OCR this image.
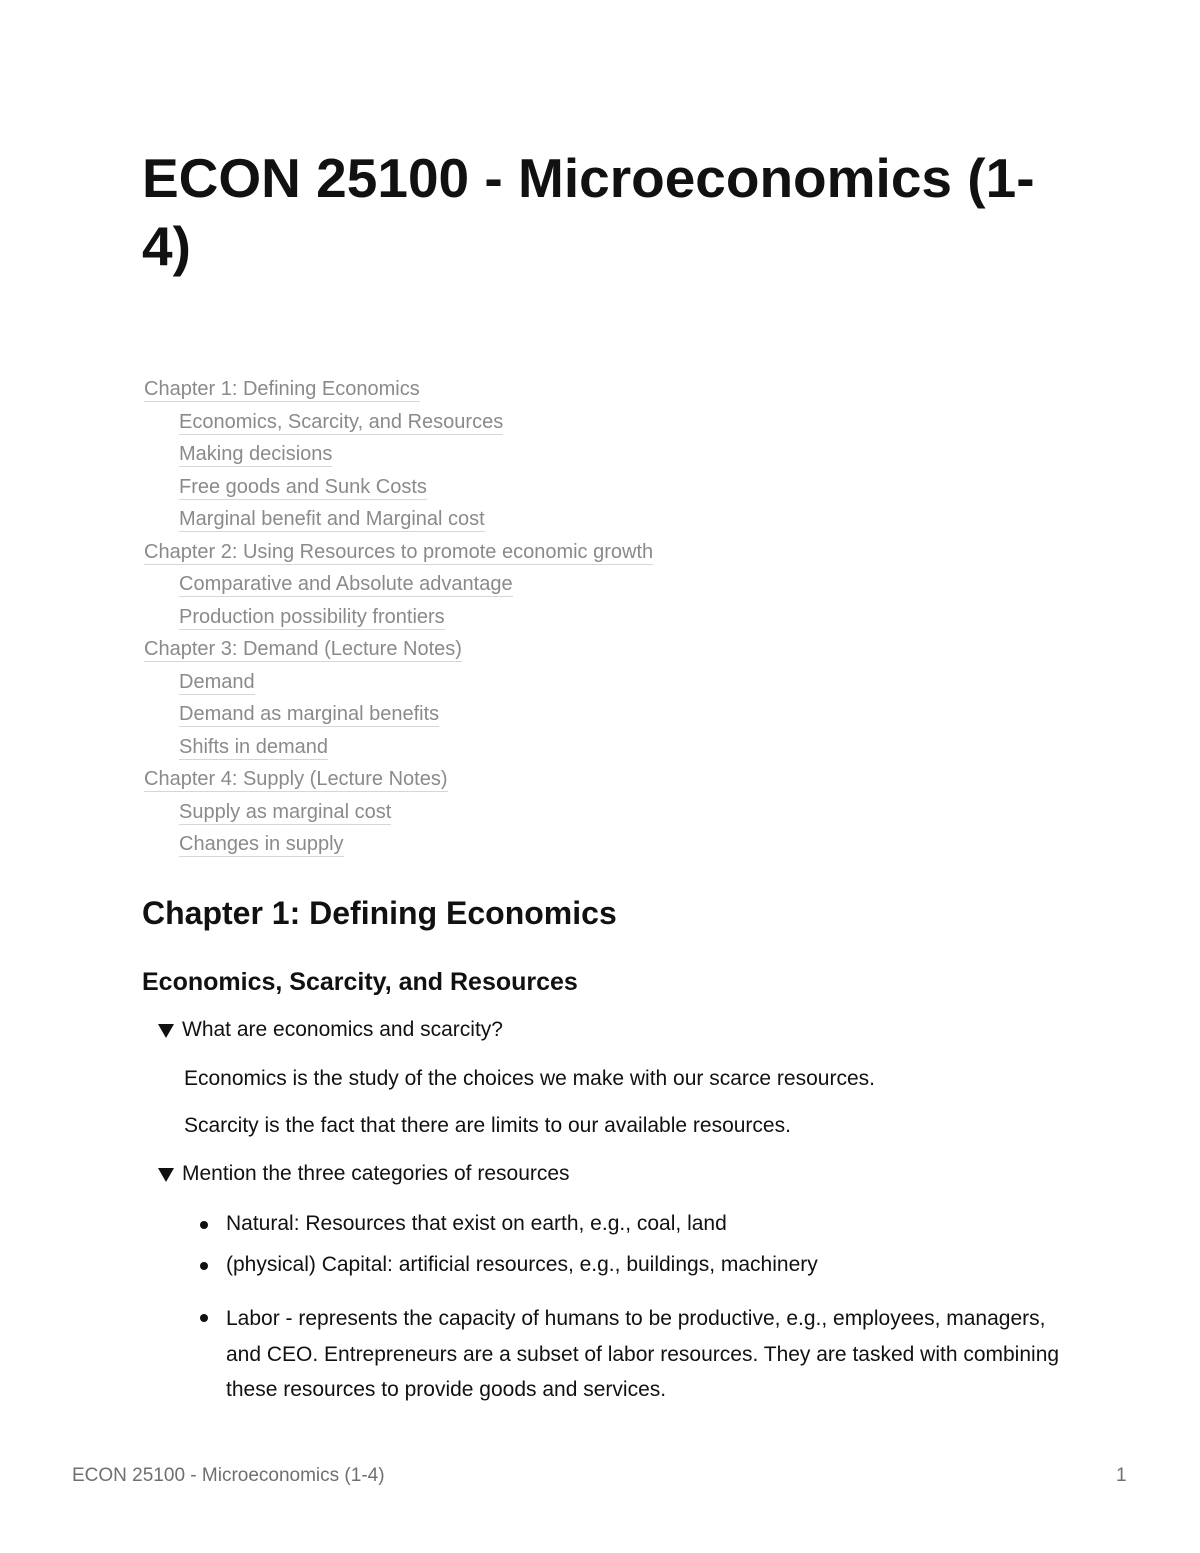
ECON 25100 - Microeconomics (1-4)
Chapter 1: Defining Economics
Economics, Scarcity, and Resources
Making decisions
Free goods and Sunk Costs
Marginal benefit and Marginal cost
Chapter 2: Using Resources to promote economic growth
Comparative and Absolute advantage
Production possibility frontiers
Chapter 3: Demand (Lecture Notes)
Demand
Demand as marginal benefits
Shifts in demand
Chapter 4: Supply (Lecture Notes)
Supply as marginal cost
Changes in supply
Chapter 1: Defining Economics
Economics, Scarcity, and Resources
What are economics and scarcity?

Economics is the study of the choices we make with our scarce resources.

Scarcity is the fact that there are limits to our available resources.

Mention the three categories of resources
Natural: Resources that exist on earth, e.g., coal, land
(physical) Capital: artificial resources, e.g., buildings, machinery
Labor - represents the capacity of humans to be productive, e.g., employees, managers, and CEO. Entrepreneurs are a subset of labor resources. They are tasked with combining these resources to provide goods and services.
ECON 25100 - Microeconomics (1-4)	1
